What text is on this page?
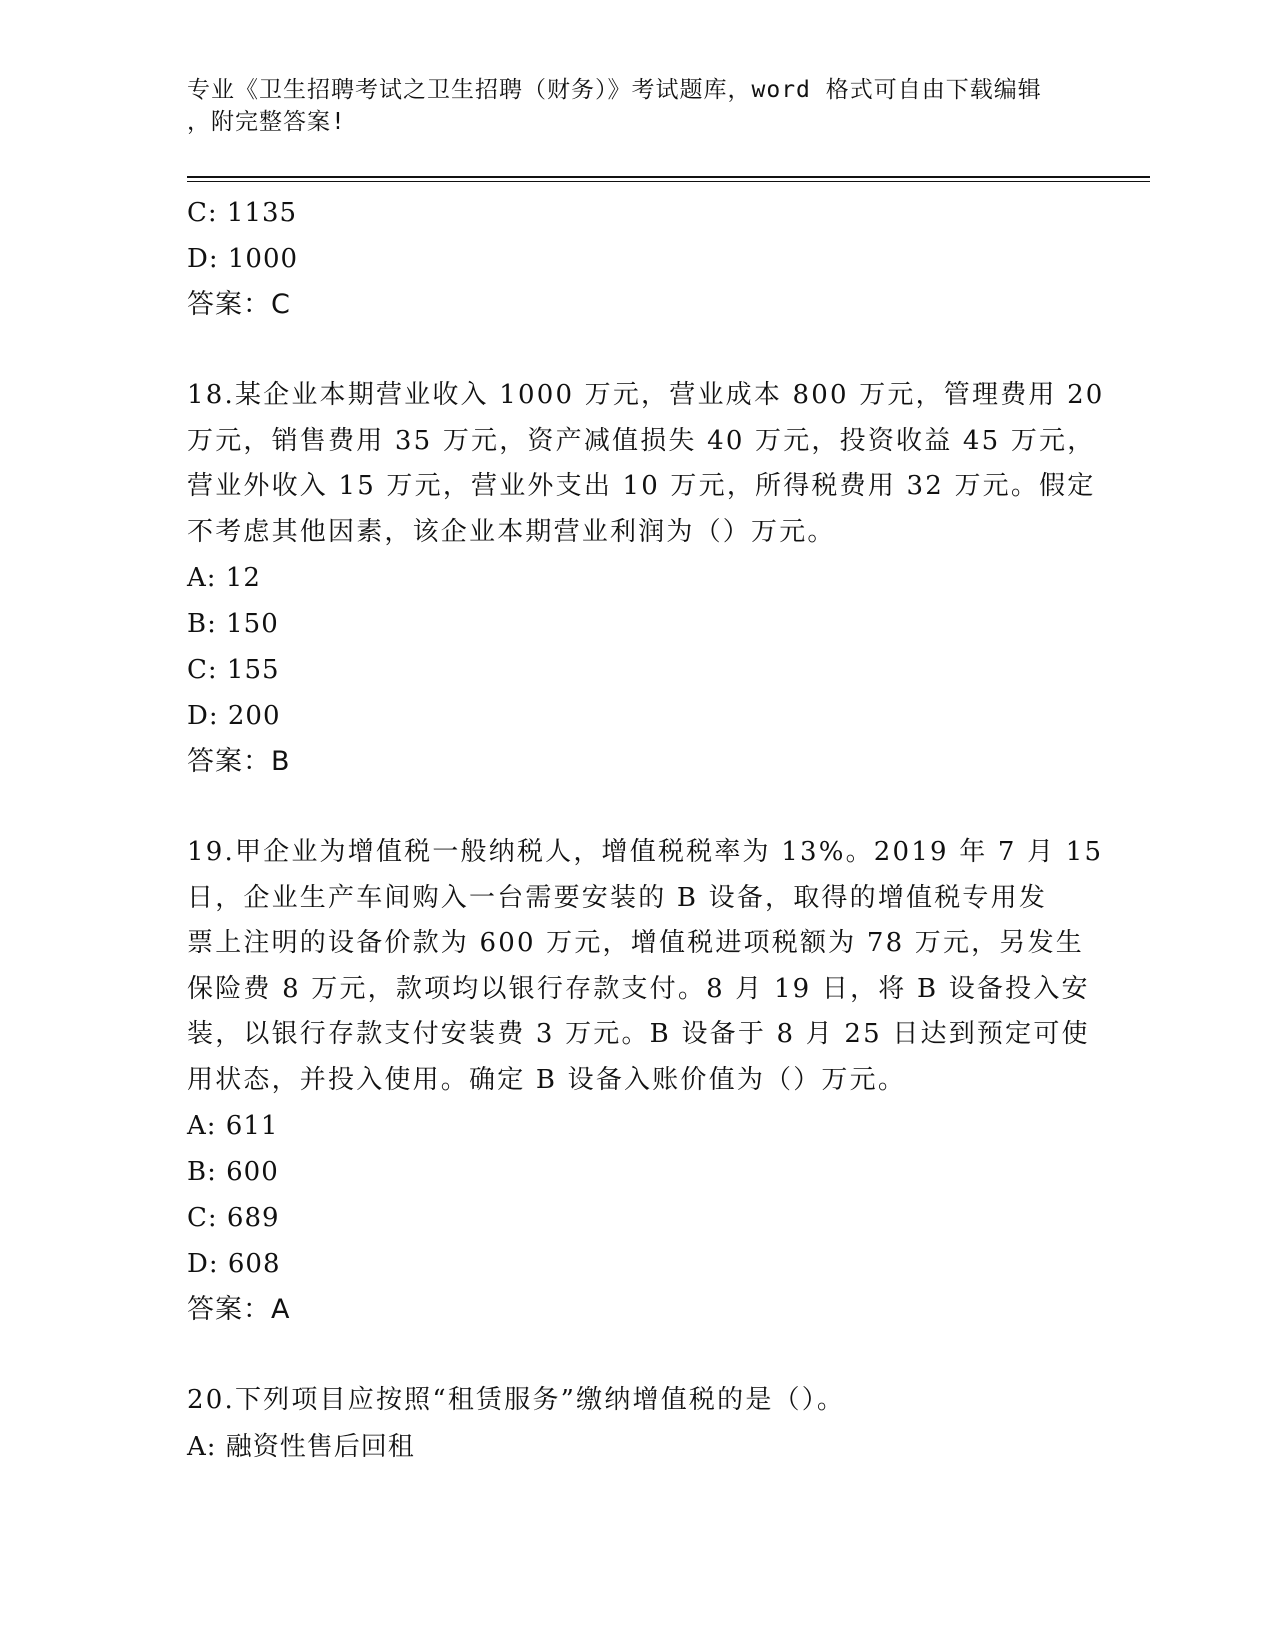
专业《卫生招聘考试之卫生招聘（财务）》考试题库，word 格式可自由下载编辑
，附完整答案!
C: 1135
D: 1000
答案：C
18.某企业本期营业收入 1000 万元，营业成本 800 万元，管理费用 20
万元，销售费用 35 万元，资产减值损失 40 万元，投资收益 45 万元，
营业外收入 15 万元，营业外支出 10 万元，所得税费用 32 万元。假定
不考虑其他因素，该企业本期营业利润为（）万元。
A: 12
B: 150
C: 155
D: 200
答案：B
19.甲企业为增值税一般纳税人，增值税税率为 13%。2019 年 7 月 15
日，企业生产车间购入一台需要安装的 B 设备，取得的增值税专用发
票上注明的设备价款为 600 万元，增值税进项税额为 78 万元，另发生
保险费 8 万元，款项均以银行存款支付。8 月 19 日，将 B 设备投入安
装，以银行存款支付安装费 3 万元。B 设备于 8 月 25 日达到预定可使
用状态，并投入使用。确定 B 设备入账价值为（）万元。
A: 611
B: 600
C: 689
D: 608
答案：A
20.下列项目应按照“租赁服务”缴纳增值税的是（）。
A: 融资性售后回租
